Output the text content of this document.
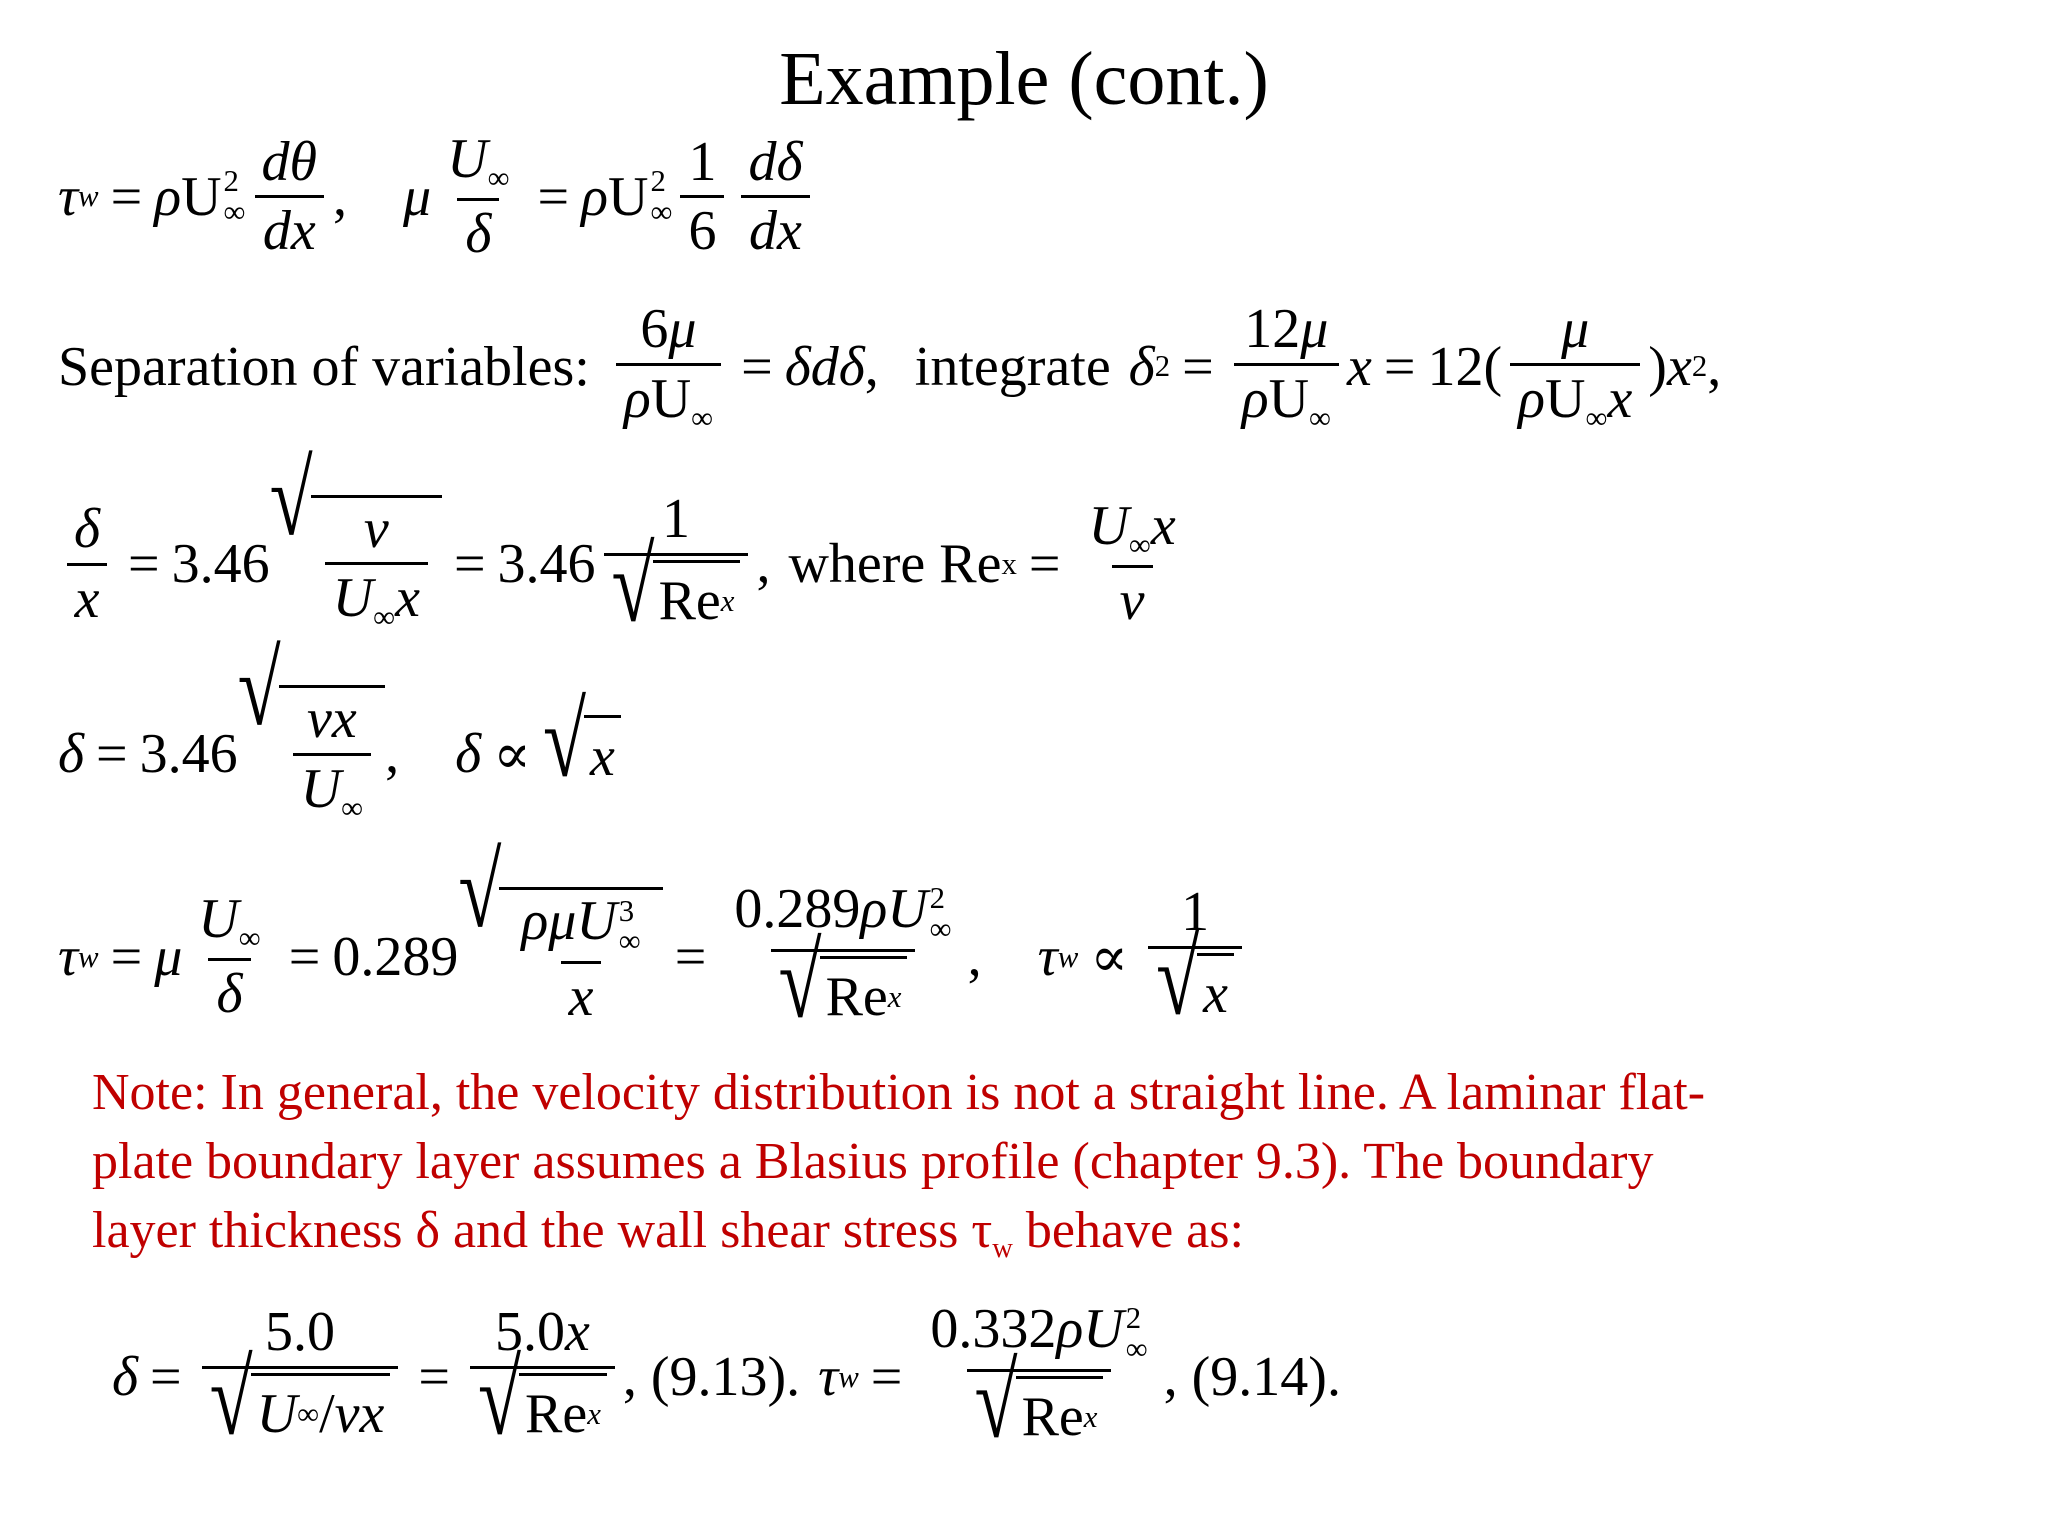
Example (cont.)
τ w = ρ U 2
∞ $\frac{d\theta}{dx}$ , μ $\frac{U_\infty}{\delta} = \rho$ U 2
∞ $\frac{1}{6} \frac{d\delta}{dx}$
Separation of variables: $\frac{6\mu}{\rho U_\infty} = \delta d\delta$ , integrate δ $2 = \frac{12\mu}{\rho U_\infty}$ x = 12 ( $\frac{\mu}{\rho U_\infty x}$ ) x 2 ,
$\frac{\delta}{x} = 3.46$
√
$\frac{\nu}{U_\infty x} = 3.46 \frac{1}{\text{√ Re x}}$ , where Re $x = \frac{U_\infty x}{\nu}$
δ = 3.46
√
$\frac{\nu x}{U_\infty}$ , δ ∝ √ x
τ w = μ $\frac{U_\infty}{\delta} = 0.289$
√
ρμU 3
∞
x = 0.289ρU 2
∞
√ Re x , τ $w \propto \frac{1}{√ x}$

Note: In general, the velocity distribution is not a straight line. A laminar flat-

plate boundary layer assumes a Blasius profile (chapter 9.3). The boundary

layer thickness δ and the wall shear stress $\tau_w$ behave as:

$\delta = \frac{5.0}{√ U \infty / \nu x} = \frac{5.0x}{\text{√ Re x}}$ , (9.13). τ w = 0.332ρU 2
∞
√ Re x , (9.14).
